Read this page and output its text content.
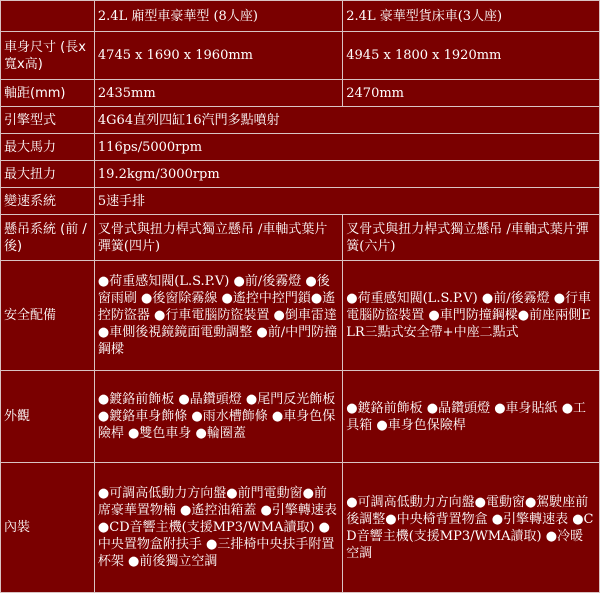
	2.4L 廂型車豪華型 (8人座)	2.4L 豪華型貨床車(3人座)
車身尺寸 (長x寬x高)	4745 x 1690 x 1960mm	4945 x 1800 x 1920mm
軸距(mm)	2435mm	2470mm
引擎型式	4G64直列四缸16汽門多點噴射	
最大馬力	116ps/5000rpm	
最大扭力	19.2kgm/3000rpm	
變速系統	5速手排	
懸吊系統 (前 / 後)	叉骨式與扭力桿式獨立懸吊 /車軸式葉片彈簧(四片)	叉骨式與扭力桿式獨立懸吊 /車軸式葉片彈簧(六片)
安全配備	●荷重感知閥(L.S.P.V) ●前/後霧燈 ●後窗雨刷 ●後窗除霧線 ●遙控中控門鎖●遙控防盜器 ●行車電腦防盜裝置 ●倒車雷達 ●車側後視鏡鏡面電動調整 ●前/中門防撞鋼樑	●荷重感知閥(L.S.P.V) ●前/後霧燈 ●行車電腦防盜裝置 ●車門防撞鋼樑●前座兩側ELR三點式安全帶+中座二點式
外觀	●鍍鉻前飾板 ●晶鑽頭燈 ●尾門反光飾板 ●鍍鉻車身飾條 ●雨水槽飾條 ●車身色保險桿 ●雙色車身 ●輪圈蓋	●鍍鉻前飾板 ●晶鑽頭燈 ●車身貼紙 ●工具箱 ●車身色保險桿
內裝	●可調高低動力方向盤●前門電動窗●前席豪華置物楠 ●遙控油箱蓋 ●引擎轉速表 ●CD音響主機(支援MP3/WMA讀取) ●中央置物盒附扶手 ●三排椅中央扶手附置杯架 ●前後獨立空調	●可調高低動力方向盤●電動窗●駕駛座前後調整●中央椅背置物盒 ●引擎轉速表 ●CD音響主機(支援MP3/WMA讀取) ●冷暖空調
